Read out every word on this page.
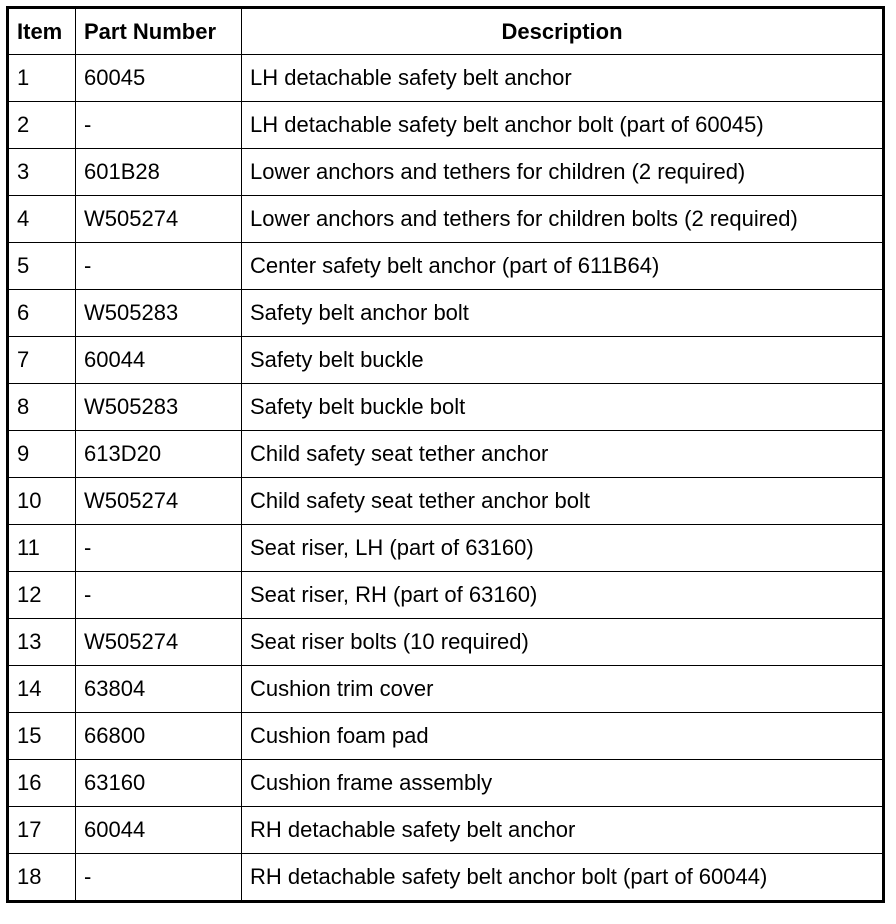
Item	Part Number	Description
1	60045	LH detachable safety belt anchor
2	-	LH detachable safety belt anchor bolt (part of 60045)
3	601B28	Lower anchors and tethers for children (2 required)
4	W505274	Lower anchors and tethers for children bolts (2 required)
5	-	Center safety belt anchor (part of 611B64)
6	W505283	Safety belt anchor bolt
7	60044	Safety belt buckle
8	W505283	Safety belt buckle bolt
9	613D20	Child safety seat tether anchor
10	W505274	Child safety seat tether anchor bolt
11	-	Seat riser, LH (part of 63160)
12	-	Seat riser, RH (part of 63160)
13	W505274	Seat riser bolts (10 required)
14	63804	Cushion trim cover
15	66800	Cushion foam pad
16	63160	Cushion frame assembly
17	60044	RH detachable safety belt anchor
18	-	RH detachable safety belt anchor bolt (part of 60044)
